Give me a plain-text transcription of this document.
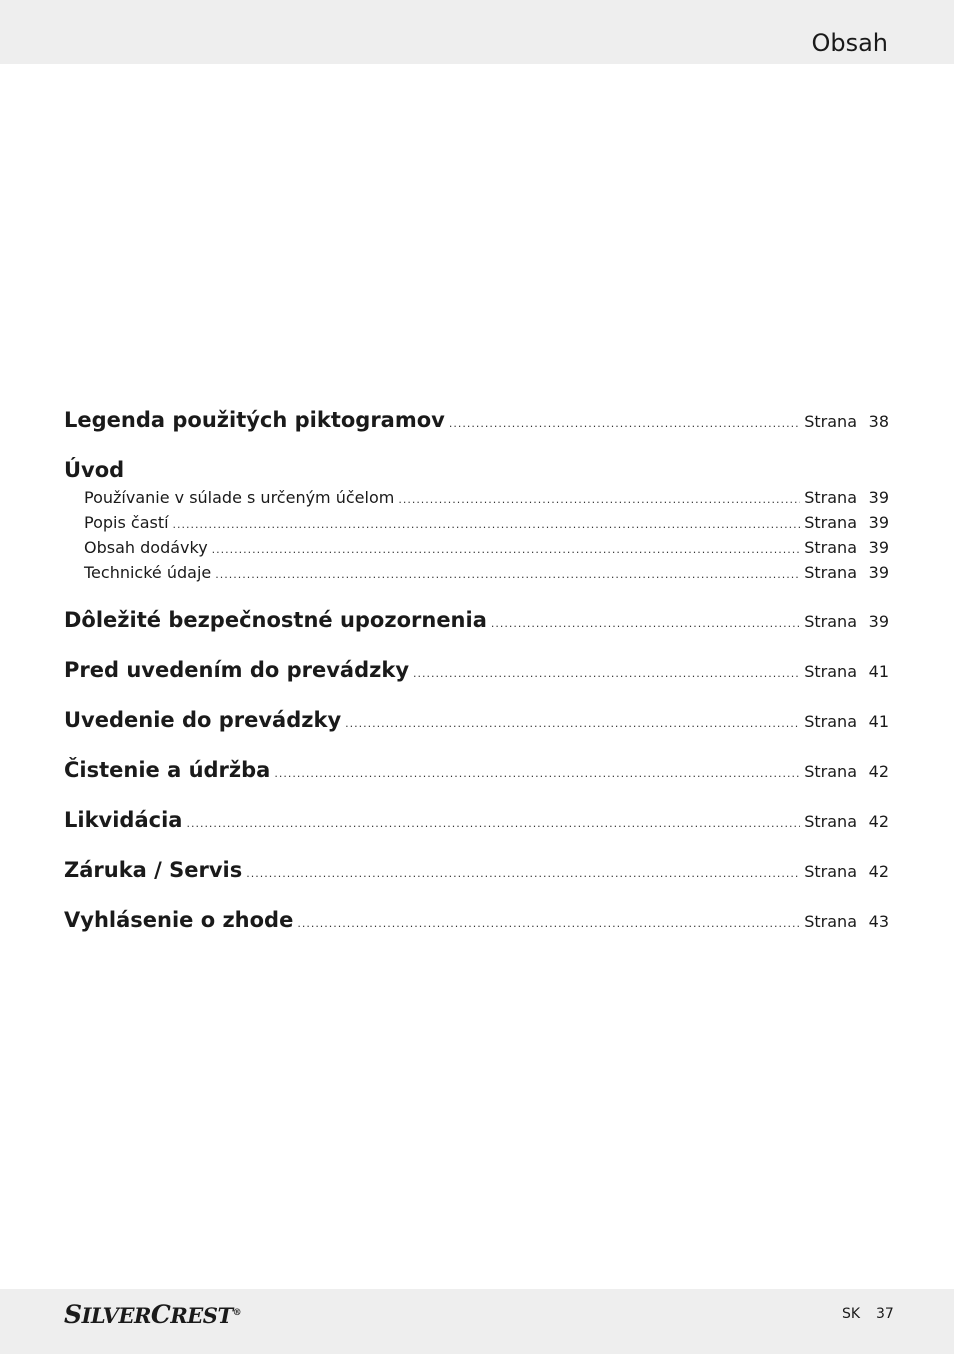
Obsah
Legenda použitých piktogramov .....	Strana 38
Úvod
Používanie v súlade s určeným účelom .....	Strana 39
Popis častí .....	Strana 39
Obsah dodávky .....	Strana 39
Technické údaje .....	Strana 39
Dôležité bezpečnostné upozornenia .....	Strana 39
Pred uvedením do prevádzky .....	Strana 41
Uvedenie do prevádzky .....	Strana 41
Čistenie a údržba .....	Strana 42
Likvidácia .....	Strana 42
Záruka / Servis .....	Strana 42
Vyhlásenie o zhode .....	Strana 43
SILVERCREST®	SK 37
